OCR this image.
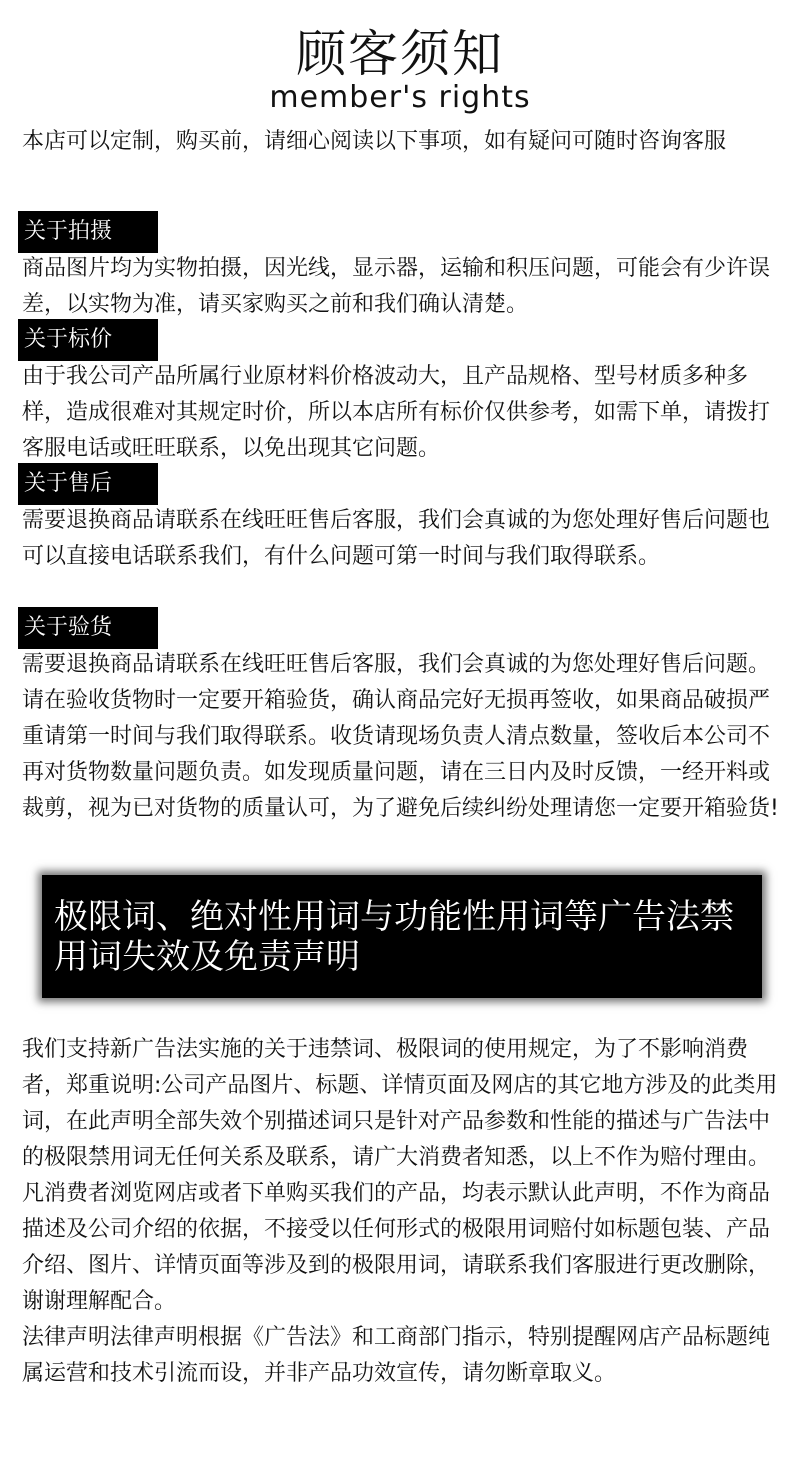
顾客须知
member's rights
本店可以定制，购买前，请细心阅读以下事项，如有疑问可随时咨询客服
关于拍摄
商品图片均为实物拍摄，因光线，显示器，运输和积压问题，可能会有少许误差，以实物为准，请买家购买之前和我们确认清楚。
关于标价
由于我公司产品所属行业原材料价格波动大，且产品规格、型号材质多种多样，造成很难对其规定时价，所以本店所有标价仅供参考，如需下单，请拨打客服电话或旺旺联系，以免出现其它问题。
关于售后
需要退换商品请联系在线旺旺售后客服，我们会真诚的为您处理好售后问题也可以直接电话联系我们，有什么问题可第一时间与我们取得联系。
关于验货
需要退换商品请联系在线旺旺售后客服，我们会真诚的为您处理好售后问题。请在验收货物时一定要开箱验货，确认商品完好无损再签收，如果商品破损严重请第一时间与我们取得联系。收货请现场负责人清点数量，签收后本公司不再对货物数量问题负责。如发现质量问题，请在三日内及时反馈，一经开料或裁剪，视为已对货物的质量认可，为了避免后续纠纷处理请您一定要开箱验货!
极限词、绝对性用词与功能性用词等广告法禁用词失效及免责声明

我们支持新广告法实施的关于违禁词、极限词的使用规定，为了不影响消费者，郑重说明:公司产品图片、标题、详情页面及网店的其它地方涉及的此类用词，在此声明全部失效个别描述词只是针对产品参数和性能的描述与广告法中的极限禁用词无任何关系及联系，请广大消费者知悉，以上不作为赔付理由。

凡消费者浏览网店或者下单购买我们的产品，均表示默认此声明，不作为商品描述及公司介绍的依据，不接受以任何形式的极限用词赔付如标题包装、产品介绍、图片、详情页面等涉及到的极限用词，请联系我们客服进行更改删除，谢谢理解配合。

法律声明法律声明根据《广告法》和工商部门指示，特别提醒网店产品标题纯属运营和技术引流而设，并非产品功效宣传，请勿断章取义。
